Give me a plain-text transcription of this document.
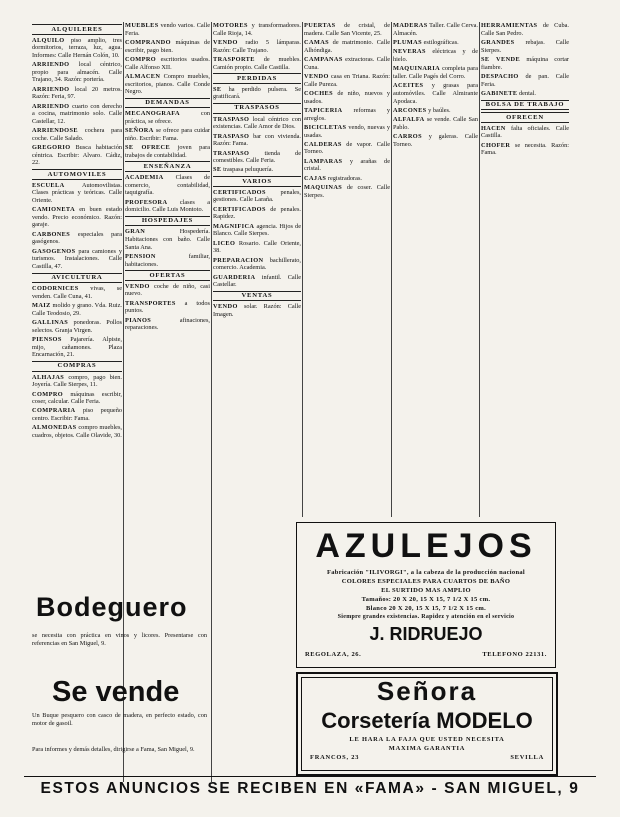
ALQUILERES

ALQUILO piso amplio, tres dormitorios, terraza, luz, agua. Informes: Calle Hernán Colón, 10.

ARRIENDO local céntrico, propio para almacén. Calle Trajano, 34. Razón: portería.

ARRIENDO local 20 metros. Razón: Feria, 97.

ARRIENDO cuarto con derecho a cocina, matrimonio solo. Calle Castellar, 12.

ARRIENDOSE cochera para coche. Calle Salado.

GREGORIO Busca habitación céntrica. Escribir: Alvaro. Cádiz, 22.

AUTOMOVILES

ESCUELA	Automovilistas. Clases prácticas y teóricas. Calle Oriente.

CAMIONETA en buen estado vendo. Precio económico. Razón: garaje.

CARBONES especiales para gasógenos.

GASOGENOS para camiones y turismos. Instalaciones. Calle Castilla, 47.

AVICULTURA

CODORNICES vivas, se venden. Calle Cuna, 41.

MAIZ molido y grano. Vda. Ruiz. Calle Teodosio, 29.

GALLINAS ponedoras. Pollos selectos. Granja Virgen.

PIENSOS Pajarería. Alpiste, mijo, cañamones. Plaza Encarnación, 21.

COMPRAS

ALHAJAS compro, pago bien. Joyería. Calle Sierpes, 11.

COMPRO máquinas escribir, coser, calcular. Calle Feria.

COMPRARIA piso pequeño centro. Escribir: Fama.

ALMONEDAS compro muebles, cuadros, objetos. Calle Olavide, 30.

MUEBLES vendo varios. Calle Feria.

COMPRANDO máquinas de escribir, pago bien.

COMPRO escritorios usados. Calle Alfonso XII.

ALMACEN Compro muebles, escritorios, pianos. Calle Conde Negro.

DEMANDAS

MECANOGRAFA	con práctica, se ofrece.

SEÑORA se ofrece para cuidar niño. Escribir: Fama.

SE OFRECE joven para trabajos de contabilidad.

ENSEÑANZA

ACADEMIA Clases de comercio, contabilidad, taquigrafía.

PROFESORA clases a domicilio. Calle Luis Montoto.

HOSPEDAJES

GRAN	Hospedería. Habitaciones con baño. Calle Santa Ana.

PENSION	familiar, habitaciones.

OFERTAS

VENDO coche de niño, casi nuevo.

TRANSPORTES a todos puntos.

PIANOS	afinaciones, reparaciones.

MOTORES y transformadores. Calle Rioja, 14.

VENDO radio 5 lámparas. Razón: Calle Trajano.

TRASPORTE de muebles. Camión propio. Calle Castilla.

PERDIDAS

SE ha perdido pulsera. Se gratificará.

TRASPASOS

TRASPASO local céntrico con existencias. Calle Amor de Dios.

TRASPASO bar con vivienda. Razón: Fama.

TRASPASO tienda de comestibles. Calle Feria.

SE traspasa peluquería.

VARIOS

CERTIFICADOS penales, gestiones. Calle Laraña.

CERTIFICADOS de penales. Rapidez.

MAGNIFICA agencia. Hijos de Blanco. Calle Sierpes.

LICEO Rosario. Calle Oriente, 38.

PREPARACION bachillerato, comercio. Academia.

GUARDERIA infantil. Calle Castellar.

VENTAS

VENDO solar. Razón: Calle Imagen.

PUERTAS de cristal, de madera. Calle San Vicente, 25.

CAMAS de matrimonio. Calle Alhóndiga.

CAMPANAS extractoras. Calle Cuna.

VENDO casa en Triana. Razón: Calle Pureza.

COCHES de niño, nuevos y usados.

TAPICERIA reformas y arreglos.

BICICLETAS vendo, nuevas y usadas.

CALDERAS de vapor. Calle Torneo.

LAMPARAS y arañas de cristal.

CAJAS registradoras.

MAQUINAS de coser. Calle Sierpes.

MADERAS Taller. Calle Cerva. Almacén.

PLUMAS estilográficas.

NEVERAS eléctricas y de hielo.

MAQUINARIA completa para taller. Calle Pagés del Corro.

ACEITES y grasas para automóviles. Calle Almirante Apodaca.

ARCONES y baúles.

ALFALFA se vende. Calle San Pablo.

CARROS y galeras. Calle Torneo.

HERRAMIENTAS de Cuba. Calle San Pedro.

GRANDES rebajas. Calle Sierpes.

SE VENDE máquina cortar fiambre.

DESPACHO de pan. Calle Feria.

GABINETE dental.

BOLSA DE TRABAJO
OFRECEN

HACEN falta oficiales. Calle Castilla.

CHOFER se necesita. Razón: Fama.

Bodeguero
se necesita con práctica en vinos y licores. Presentarse con referencias en San Miguel, 9.
Se vende
Un Buque pesquero con casco de madera, en perfecto estado, con motor de gasoil.
Para informes y demás detalles, dirigirse a Fama, San Miguel, 9.
AZULEJOS
Fabricación "ILIVORGI", a la cabeza de la producción nacional
COLORES ESPECIALES PARA CUARTOS DE BAÑO
EL SURTIDO MAS AMPLIO
Tamaños: 20 X 20, 15 X 15, 7 1/2 X 15 cm.
Blanco 20 X 20, 15 X 15, 7 1/2 X 15 cm.
Siempre grandes existencias. Rapidez y atención en el servicio
J. RIDRUEJO
REGOLAZA, 26.	TELEFONO 22131.
Señora
Corsetería MODELO
LE HARA LA FAJA QUE USTED NECESITA
MAXIMA GARANTIA
FRANCOS, 23	SEVILLA
ESTOS ANUNCIOS SE RECIBEN EN «FAMA» - SAN MIGUEL, 9
